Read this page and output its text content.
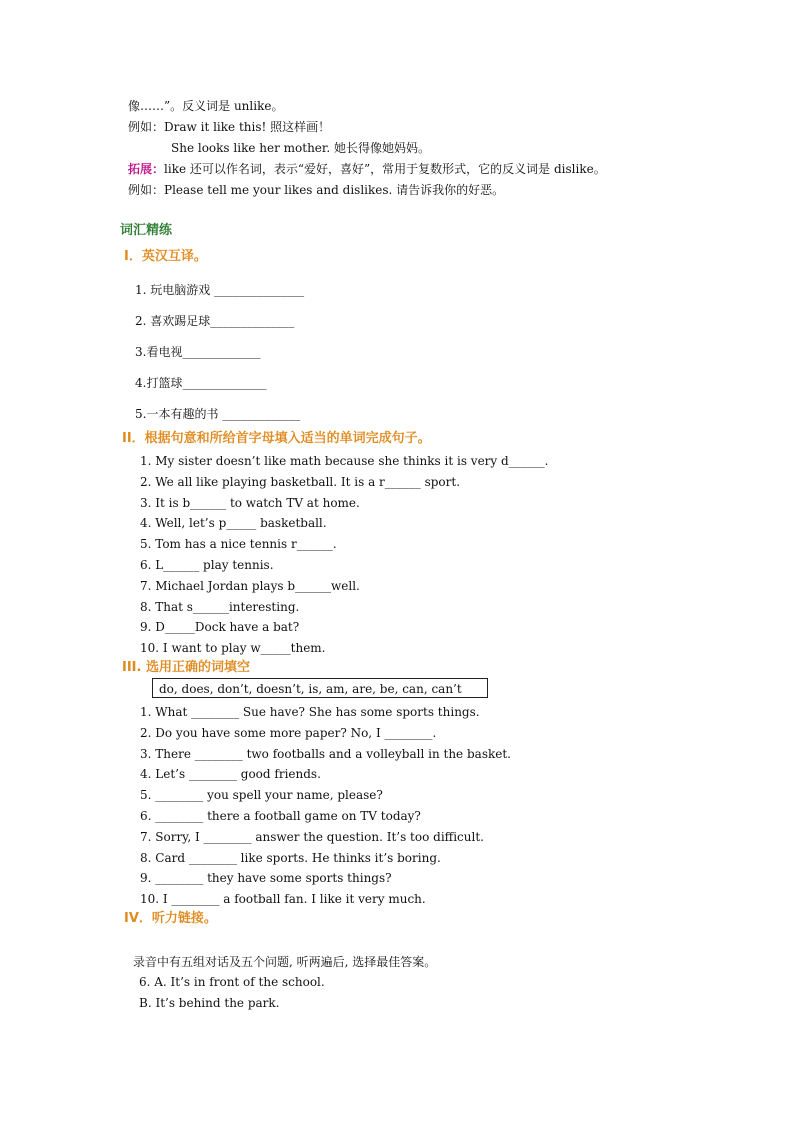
像……”。反义词是 unlike。
例如：Draw it like this! 照这样画！
She looks like her mother. 她长得像她妈妈。
拓展：like 还可以作名词，表示“爱好，喜好”，常用于复数形式，它的反义词是 dislike。
例如：Please tell me your likes and dislikes. 请告诉我你的好恶。
词汇精练
I．英汉互译。
1. 玩电脑游戏 _______________
2. 喜欢踢足球______________
3.看电视_____________
4.打篮球______________
5.一本有趣的书 _____________
II．根据句意和所给首字母填入适当的单词完成句子。
1. My sister doesn’t like math because she thinks it is very d______.
2. We all like playing basketball. It is a r______ sport.
3. It is b______ to watch TV at home.
4. Well, let’s p_____ basketball.
5. Tom has a nice tennis r______.
6. L______ play tennis.
7. Michael Jordan plays b______well.
8. That s______interesting.
9. D_____Dock have a bat?
10. I want to play w_____them.
III. 选用正确的词填空
do, does, don’t, doesn’t, is, am, are, be, can, can’t
1. What ________ Sue have? She has some sports things.
2. Do you have some more paper? No, I ________.
3. There ________ two footballs and a volleyball in the basket.
4. Let’s ________ good friends.
5. ________ you spell your name, please?
6. ________ there a football game on TV today?
7. Sorry, I ________ answer the question. It’s too difficult.
8. Card ________ like sports. He thinks it’s boring.
9. ________ they have some sports things?
10. I ________ a football fan. I like it very much.
IV．听力链接。
录音中有五组对话及五个问题, 听两遍后, 选择最佳答案。
6. A. It’s in front of the school.
B. It’s behind the park.
